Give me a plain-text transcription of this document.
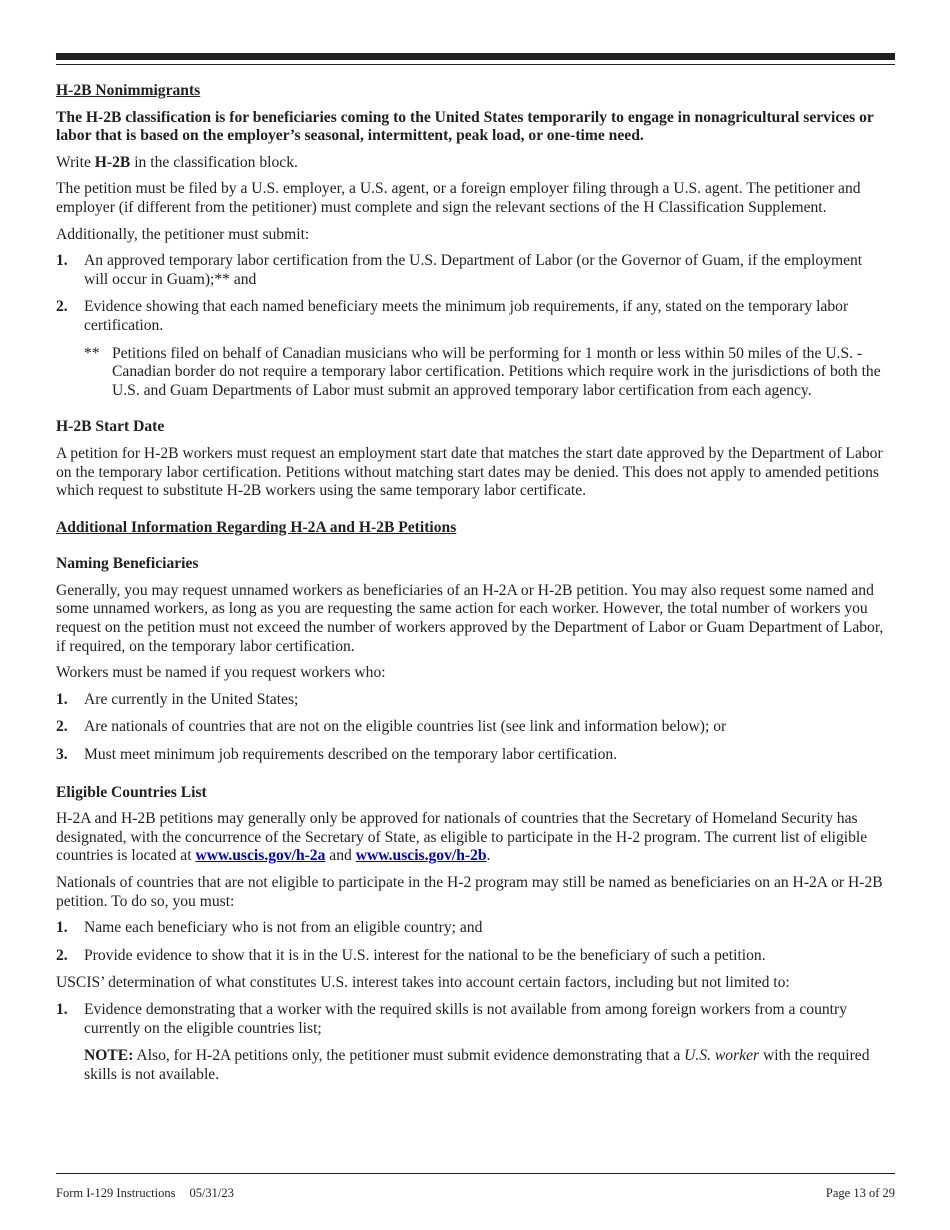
H-2B Nonimmigrants

The H-2B classification is for beneficiaries coming to the United States temporarily to engage in nonagricultural services or labor that is based on the employer’s seasonal, intermittent, peak load, or one-time need.

Write H-2B in the classification block.

The petition must be filed by a U.S. employer, a U.S. agent, or a foreign employer filing through a U.S. agent. The petitioner and employer (if different from the petitioner) must complete and sign the relevant sections of the H Classification Supplement.

Additionally, the petitioner must submit:

1.	An approved temporary labor certification from the U.S. Department of Labor (or the Governor of Guam, if the employment will occur in Guam);** and
2.	Evidence showing that each named beneficiary meets the minimum job requirements, if any, stated on the temporary labor certification.
** Petitions filed on behalf of Canadian musicians who will be performing for 1 month or less within 50 miles of the U.S. - Canadian border do not require a temporary labor certification. Petitions which require work in the jurisdictions of both the U.S. and Guam Departments of Labor must submit an approved temporary labor certification from each agency.
H-2B Start Date

A petition for H-2B workers must request an employment start date that matches the start date approved by the Department of Labor on the temporary labor certification. Petitions without matching start dates may be denied. This does not apply to amended petitions which request to substitute H-2B workers using the same temporary labor certificate.

Additional Information Regarding H-2A and H-2B Petitions
Naming Beneficiaries

Generally, you may request unnamed workers as beneficiaries of an H-2A or H-2B petition. You may also request some named and some unnamed workers, as long as you are requesting the same action for each worker. However, the total number of workers you request on the petition must not exceed the number of workers approved by the Department of Labor or Guam Department of Labor, if required, on the temporary labor certification.

Workers must be named if you request workers who:

1.	Are currently in the United States;
2.	Are nationals of countries that are not on the eligible countries list (see link and information below); or
3.	Must meet minimum job requirements described on the temporary labor certification.
Eligible Countries List

H-2A and H-2B petitions may generally only be approved for nationals of countries that the Secretary of Homeland Security has designated, with the concurrence of the Secretary of State, as eligible to participate in the H-2 program. The current list of eligible countries is located at www.uscis.gov/h-2a and www.uscis.gov/h-2b.

Nationals of countries that are not eligible to participate in the H-2 program may still be named as beneficiaries on an H-2A or H-2B petition. To do so, you must:

1.	Name each beneficiary who is not from an eligible country; and
2.	Provide evidence to show that it is in the U.S. interest for the national to be the beneficiary of such a petition.

USCIS’ determination of what constitutes U.S. interest takes into account certain factors, including but not limited to:

1.	Evidence demonstrating that a worker with the required skills is not available from among foreign workers from a country currently on the eligible countries list;

NOTE: Also, for H-2A petitions only, the petitioner must submit evidence demonstrating that a U.S. worker with the required skills is not available.

Form I-129 Instructions 05/31/23	Page 13 of 29
